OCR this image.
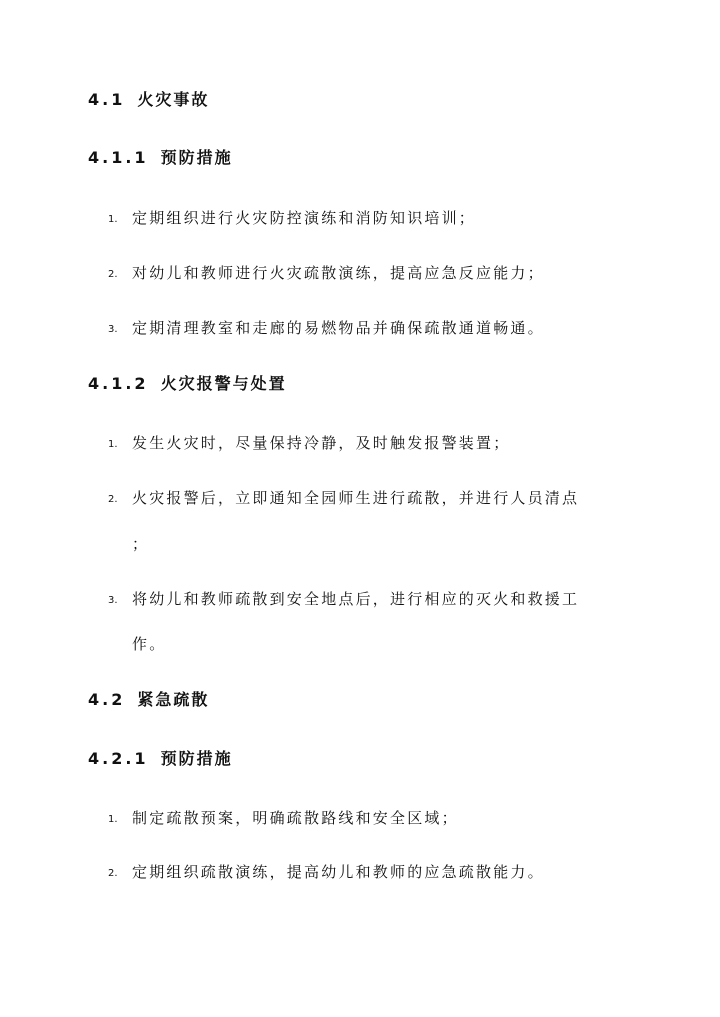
4.1 火灾事故
4.1.1 预防措施
1. 定期组织进行火灾防控演练和消防知识培训；
2. 对幼儿和教师进行火灾疏散演练，提高应急反应能力；
3. 定期清理教室和走廊的易燃物品并确保疏散通道畅通。
4.1.2 火灾报警与处置
1. 发生火灾时，尽量保持冷静，及时触发报警装置；
2. 火灾报警后，立即通知全园师生进行疏散，并进行人员清点
；
3. 将幼儿和教师疏散到安全地点后，进行相应的灭火和救援工
作。
4.2 紧急疏散
4.2.1 预防措施
1. 制定疏散预案，明确疏散路线和安全区域；
2. 定期组织疏散演练，提高幼儿和教师的应急疏散能力。
